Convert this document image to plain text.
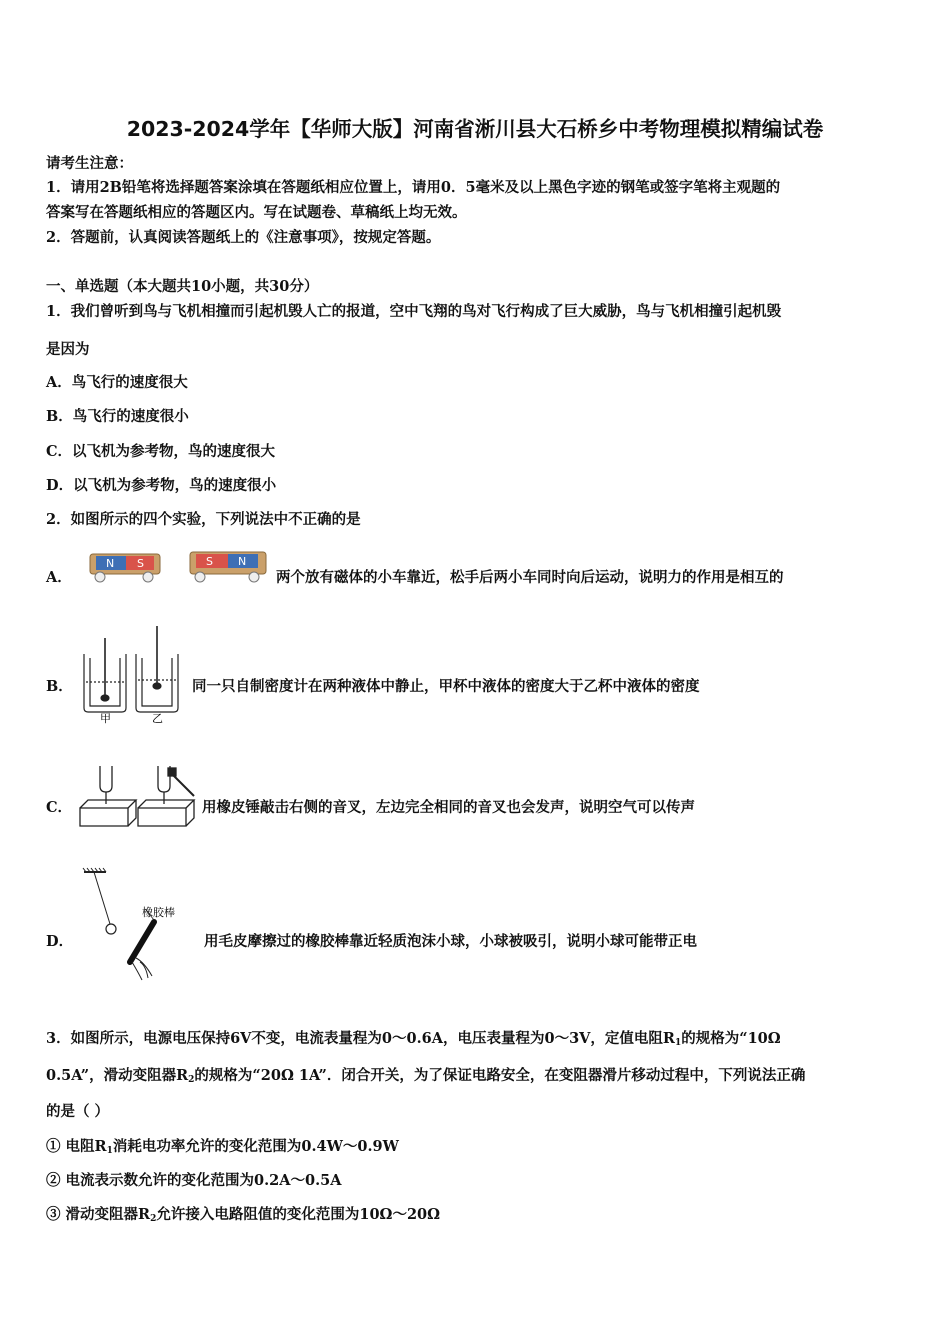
2023-2024学年【华师大版】河南省淅川县大石桥乡中考物理模拟精编试卷
请考生注意：
1．请用2B铅笔将选择题答案涂填在答题纸相应位置上，请用0．5毫米及以上黑色字迹的钢笔或签字笔将主观题的
答案写在答题纸相应的答题区内。写在试题卷、草稿纸上均无效。
2．答题前，认真阅读答题纸上的《注意事项》，按规定答题。
一、单选题（本大题共10小题，共30分）
1．我们曾听到鸟与飞机相撞而引起机毁人亡的报道，空中飞翔的鸟对飞行构成了巨大威胁，鸟与飞机相撞引起机毁
是因为
A．鸟飞行的速度很大
B．鸟飞行的速度很小
C．以飞机为参考物，鸟的速度很大
D．以飞机为参考物，鸟的速度很小
2．如图所示的四个实验，下列说法中不正确的是
A．
N S	S N
两个放有磁体的小车靠近，松手后两小车同时向后运动，说明力的作用是相互的
B．
甲	乙
同一只自制密度计在两种液体中静止，甲杯中液体的密度大于乙杯中液体的密度
C．	用橡皮锤敲击右侧的音叉，左边完全相同的音叉也会发声，说明空气可以传声
D．
橡胶棒
用毛皮摩擦过的橡胶棒靠近轻质泡沫小球，小球被吸引，说明小球可能带正电
3．如图所示，电源电压保持6V不变，电流表量程为0～0.6A，电压表量程为0～3V，定值电阻$R_1$的规格为“10Ω
0.5A”，滑动变阻器$R_2$的规格为“20Ω 1A”．闭合开关，为了保证电路安全，在变阻器滑片移动过程中，下列说法正确
的是（ ）
① 电阻$R_1$消耗电功率允许的变化范围为0.4W～0.9W
② 电流表示数允许的变化范围为0.2A～0.5A
③ 滑动变阻器$R_2$允许接入电路阻值的变化范围为10Ω～20Ω
